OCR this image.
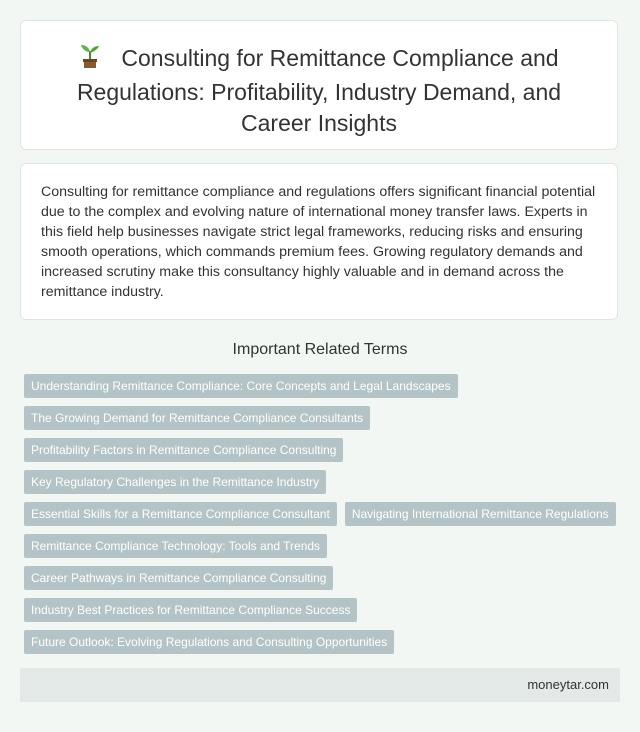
Consulting for Remittance Compliance and Regulations: Profitability, Industry Demand, and Career Insights

Consulting for remittance compliance and regulations offers significant financial potential due to the complex and evolving nature of international money transfer laws. Experts in this field help businesses navigate strict legal frameworks, reducing risks and ensuring smooth operations, which commands premium fees. Growing regulatory demands and increased scrutiny make this consultancy highly valuable and in demand across the remittance industry.

Important Related Terms
Understanding Remittance Compliance: Core Concepts and Legal Landscapes
The Growing Demand for Remittance Compliance Consultants
Profitability Factors in Remittance Compliance Consulting
Key Regulatory Challenges in the Remittance Industry
Essential Skills for a Remittance Compliance Consultant	Navigating International Remittance Regulations
Remittance Compliance Technology: Tools and Trends
Career Pathways in Remittance Compliance Consulting
Industry Best Practices for Remittance Compliance Success
Future Outlook: Evolving Regulations and Consulting Opportunities
moneytar.com
